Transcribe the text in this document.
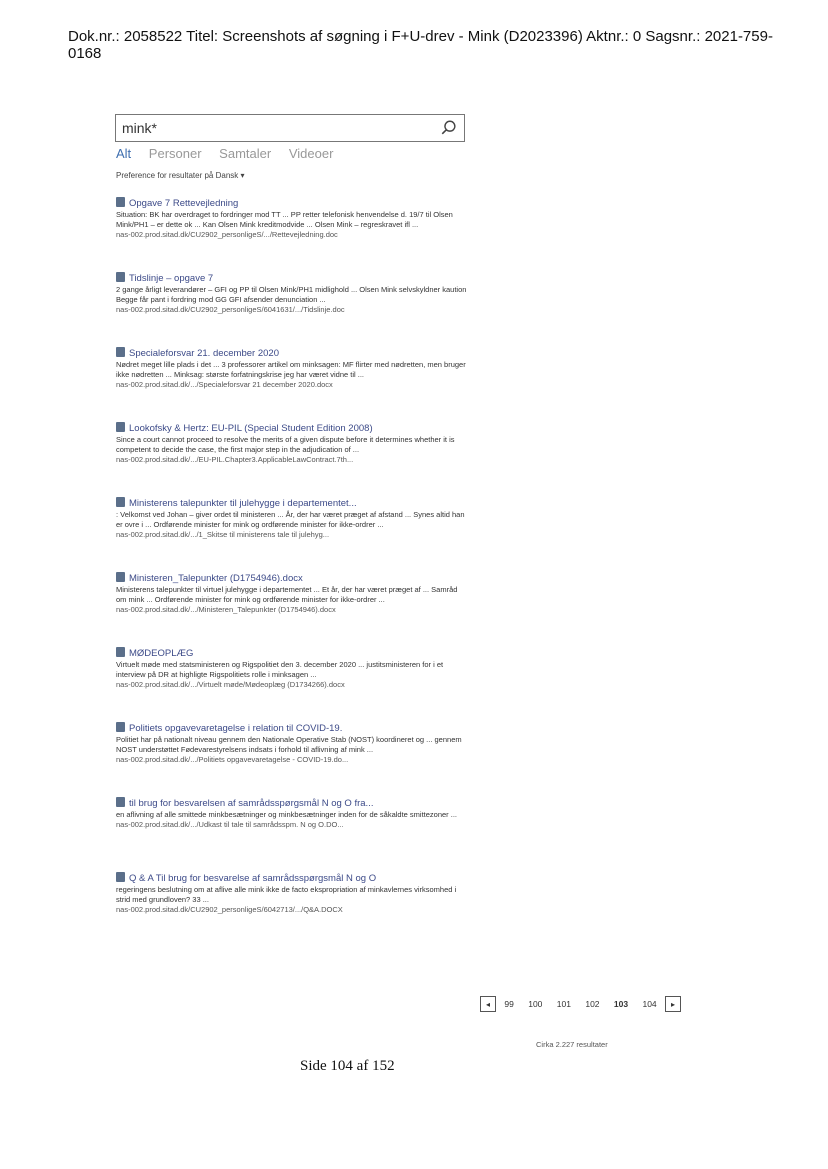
Dok.nr.: 2058522 Titel: Screenshots af søgning i F+U-drev - Mink (D2023396) Aktnr.: 0 Sagsnr.: 2021-759-0168
mink*
Alt Personer Samtaler Videoer
Preference for resultater på Dansk ▾
Opgave 7 Rettevejledning
Situation: BK har overdraget to fordringer mod TT ... PP retter telefonisk henvendelse d. 19/7 til Olsen Mink/PH1 – er dette ok ... Kan Olsen Mink kreditmodvide ... Olsen Mink – regreskravet ifl ...
nas-002.prod.sitad.dk/CU2902_personligeS/.../Rettevejledning.doc
Tidslinje – opgave 7
2 gange årligt leverandører – GFI og PP til Olsen Mink/PH1 midlighold ... Olsen Mink selvskyldner kaution Begge får pant i fordring mod GG GFI afsender denunciation ...
nas-002.prod.sitad.dk/CU2902_personligeS/6041631/.../Tidslinje.doc
Specialeforsvar 21. december 2020
Nødret meget lille plads i det ... 3 professorer artikel om minksagen: MF flirter med nødretten, men bruger ikke nødretten ... Minksag: største forfatningskrise jeg har været vidne til ...
nas-002.prod.sitad.dk/.../Specialeforsvar 21 december 2020.docx
Lookofsky & Hertz: EU-PIL (Special Student Edition 2008)
Since a court cannot proceed to resolve the merits of a given dispute before it determines whether it is competent to decide the case, the first major step in the adjudication of ...
nas-002.prod.sitad.dk/.../EU-PIL.Chapter3.ApplicableLawContract.7th...
Ministerens talepunkter til julehygge i departementet...
: Velkomst ved Johan – giver ordet til ministeren ... År, der har været præget af afstand ... Synes altid han er ovre i ... Ordførende minister for mink og ordførende minister for ikke-ordrer ...
nas-002.prod.sitad.dk/.../1_Skitse til ministerens tale til julehyg...
Ministeren_Talepunkter (D1754946).docx
Ministerens talepunkter til virtuel julehygge i departementet ... Et år, der har været præget af ... Samråd om mink ... Ordførende minister for mink og ordførende minister for ikke-ordrer ...
nas-002.prod.sitad.dk/.../Ministeren_Talepunkter (D1754946).docx
MØDEOPLÆG
Virtuelt møde med statsministeren og Rigspolitiet den 3. december 2020 ... justitsministeren for i et interview på DR at highligte Rigspolitiets rolle i minksagen ...
nas-002.prod.sitad.dk/.../Virtuelt møde/Mødeoplæg (D1734266).docx
Politiets opgavevaretagelse i relation til COVID-19.
Politiet har på nationalt niveau gennem den Nationale Operative Stab (NOST) koordineret og ... gennem NOST understøttet Fødevarestyrelsens indsats i forhold til aflivning af mink ...
nas-002.prod.sitad.dk/.../Politiets opgavevaretagelse - COVID-19.do...
til brug for besvarelsen af samrådsspørgsmål N og O fra...
en aflivning af alle smittede minkbesætninger og minkbesætninger inden for de såkaldte smittezoner ...
nas-002.prod.sitad.dk/.../Udkast til tale til samrådsspm. N og O.DO...
Q & A Til brug for besvarelse af samrådsspørgsmål N og O
regeringens beslutning om at aflive alle mink ikke de facto ekspropriation af minkavlernes virksomhed i strid med grundloven? 33 ...
nas-002.prod.sitad.dk/CU2902_personligeS/6042713/.../Q&A.DOCX
◂ 99 100 101 102 103 104 ▸
Cirka 2.227 resultater
Side 104 af 152
